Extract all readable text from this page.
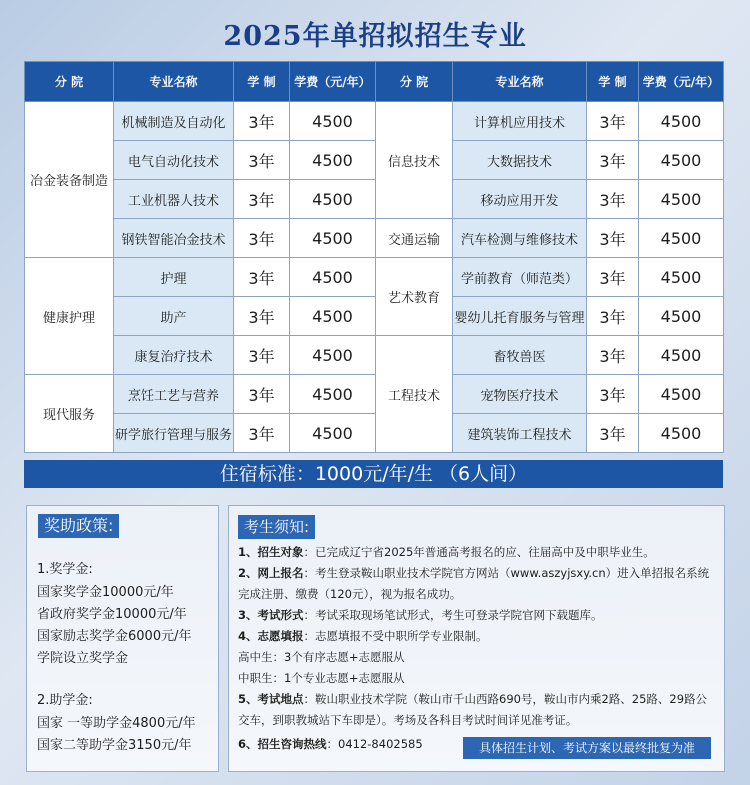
2025年单招拟招生专业
分 院	专业名称	学 制	学费（元/年）	分 院	专业名称	学 制	学费（元/年）
冶金装备制造	机械制造及自动化	3年	4500	信息技术	计算机应用技术	3年	4500
	电气自动化技术	3年	4500		大数据技术	3年	4500
	工业机器人技术	3年	4500		移动应用开发	3年	4500
	钢铁智能冶金技术	3年	4500	交通运输	汽车检测与维修技术	3年	4500
健康护理	护理	3年	4500	艺术教育	学前教育（师范类）	3年	4500
	助产	3年	4500		婴幼儿托育服务与管理	3年	4500
	康复治疗技术	3年	4500	工程技术	畜牧兽医	3年	4500
现代服务	烹饪工艺与营养	3年	4500		宠物医疗技术	3年	4500
	研学旅行管理与服务	3年	4500		建筑装饰工程技术	3年	4500
住宿标准：1000元/年/生 （6人间）
奖助政策:
1.奖学金:
国家奖学金10000元/年
省政府奖学金10000元/年
国家励志奖学金6000元/年
学院设立奖学金
2.助学金:
国家 一等助学金4800元/年
国家二等助学金3150元/年
考生须知:
1、招生对象：已完成辽宁省2025年普通高考报名的应、往届高中及中职毕业生。
2、网上报名：考生登录鞍山职业技术学院官方网站（www.aszyjsxy.cn）进入单招报名系统完成注册、缴费（120元），视为报名成功。
3、考试形式：考试采取现场笔试形式，考生可登录学院官网下载题库。
4、志愿填报：志愿填报不受中职所学专业限制。
高中生：3个有序志愿+志愿服从
中职生：1个专业志愿+志愿服从
5、考试地点：鞍山职业技术学院（鞍山市千山西路690号，鞍山市内乘2路、25路、29路公交车，到职教城站下车即是）。考场及各科目考试时间详见准考证。
6、招生咨询热线：0412-8402585	具体招生计划、考试方案以最终批复为准
